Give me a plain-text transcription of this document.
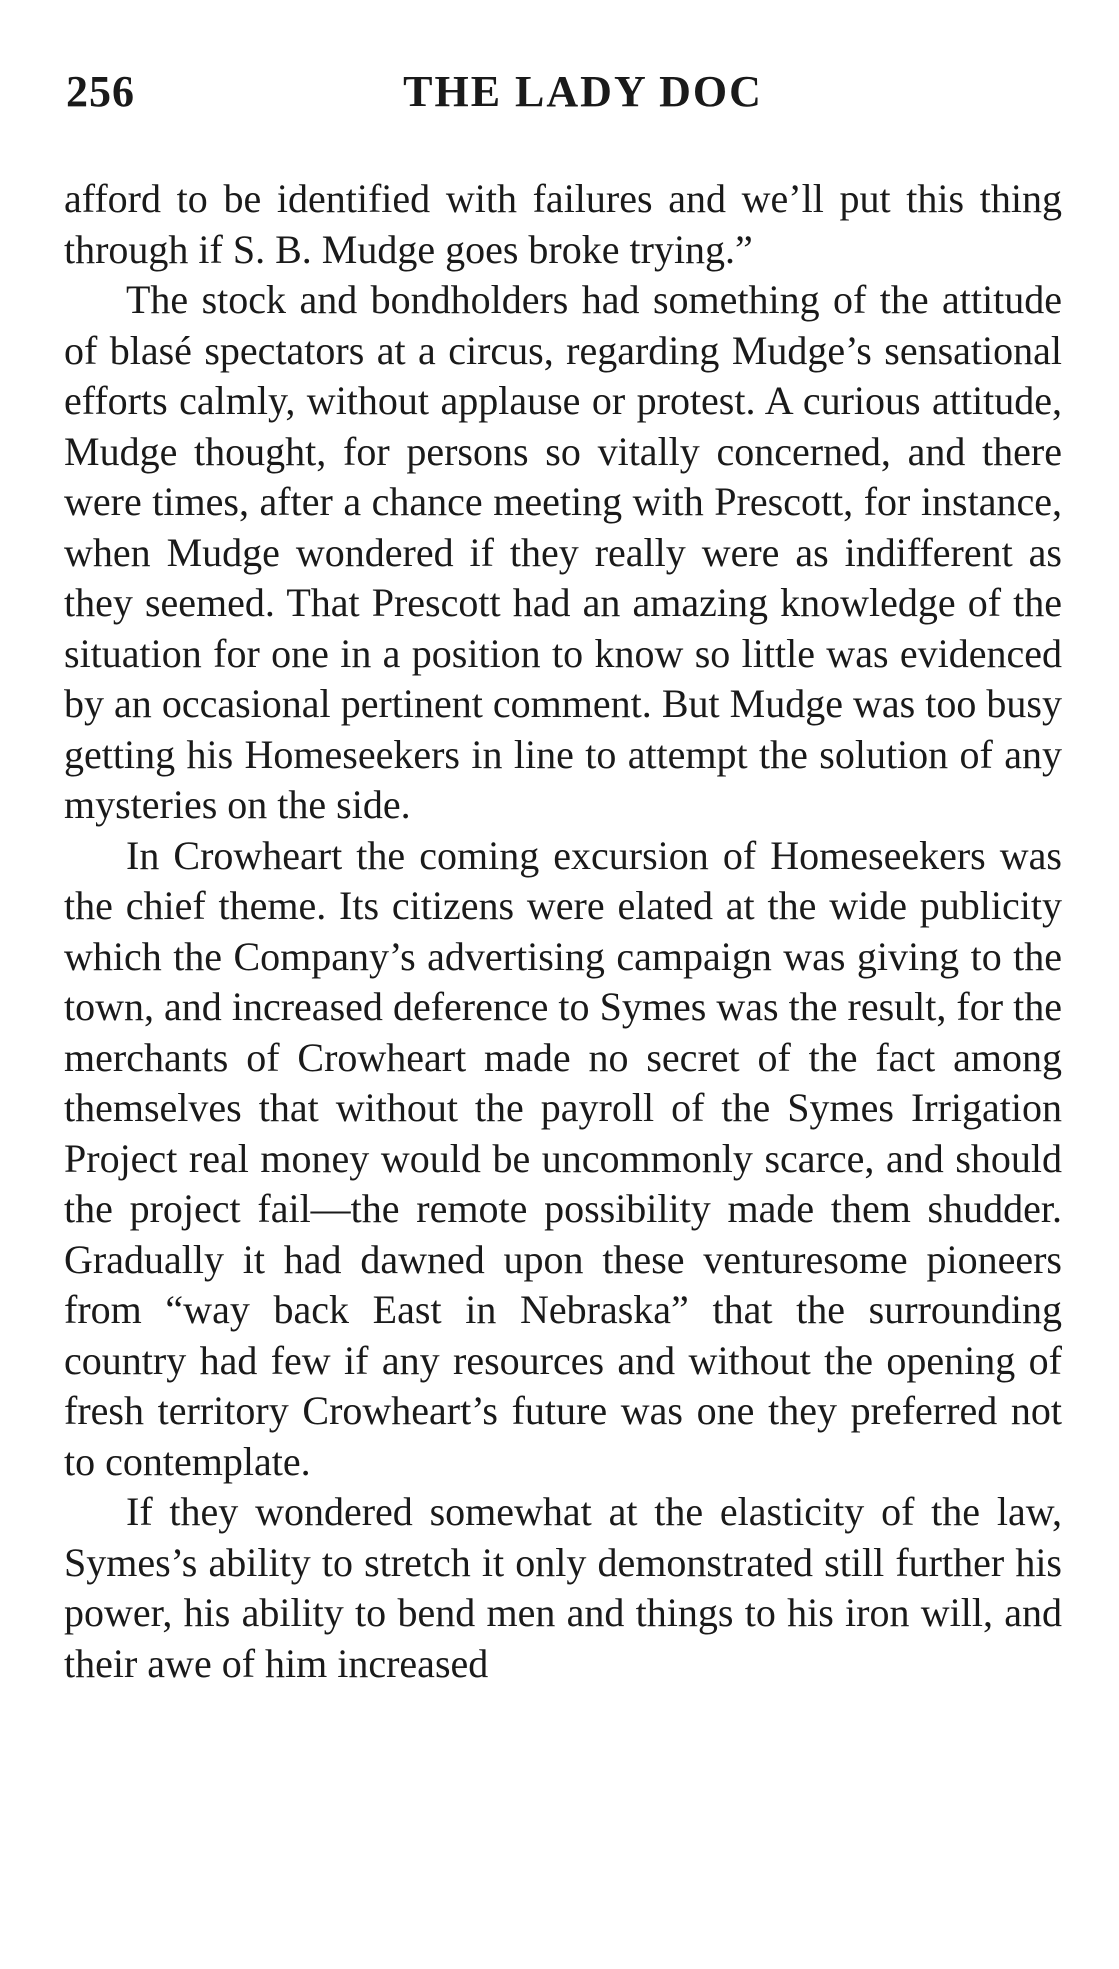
256	THE LADY DOC

afford to be identified with failures and we’ll put this thing through if S. B. Mudge goes broke trying.”

The stock and bondholders had something of the attitude of blasé spectators at a circus, regarding Mudge’s sensational efforts calmly, without applause or protest. A curious attitude, Mudge thought, for persons so vitally concerned, and there were times, after a chance meeting with Prescott, for instance, when Mudge wondered if they really were as indifferent as they seemed. That Prescott had an amazing knowledge of the situation for one in a position to know so little was evidenced by an occasional pertinent comment. But Mudge was too busy getting his Homeseekers in line to attempt the solution of any mysteries on the side.

In Crowheart the coming excursion of Homeseekers was the chief theme. Its citizens were elated at the wide publicity which the Company’s advertising campaign was giving to the town, and increased deference to Symes was the result, for the merchants of Crowheart made no secret of the fact among themselves that without the payroll of the Symes Irrigation Project real money would be uncommonly scarce, and should the project fail—the remote possibility made them shudder. Gradually it had dawned upon these venturesome pioneers from “way back East in Nebraska” that the surrounding country had few if any resources and without the opening of fresh territory Crowheart’s future was one they preferred not to contemplate.

If they wondered somewhat at the elasticity of the law, Symes’s ability to stretch it only demonstrated still further his power, his ability to bend men and things to his iron will, and their awe of him increased
